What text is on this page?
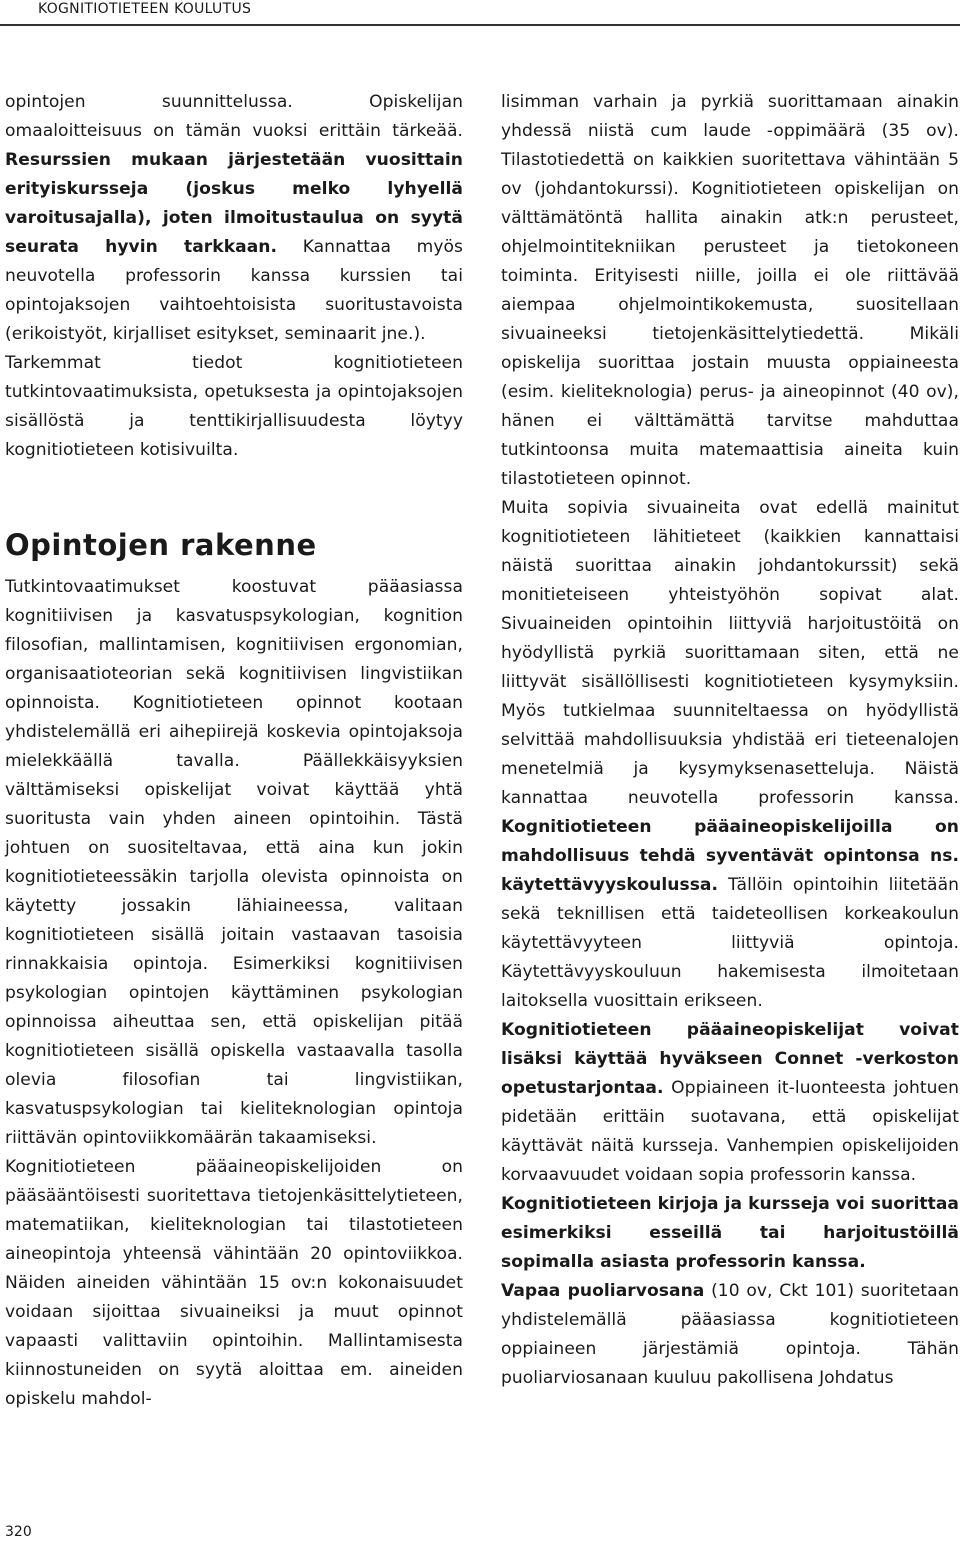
KOGNITIOTIETEEN KOULUTUS

opintojen suunnittelussa. Opiskelijan omaaloitteisuus on tämän vuoksi erittäin tärkeää. Resurssien mukaan järjestetään vuosittain erityiskursseja (joskus melko lyhyellä varoitusajalla), joten ilmoitustaulua on syytä seurata hyvin tarkkaan. Kannattaa myös neuvotella professorin kanssa kurssien tai opintojaksojen vaihtoehtoisista suoritustavoista (erikoistyöt, kirjalliset esitykset, seminaarit jne.).

Tarkemmat tiedot kognitiotieteen tutkintovaatimuksista, opetuksesta ja opintojaksojen sisällöstä ja tenttikirjallisuudesta löytyy kognitiotieteen kotisivuilta.

Opintojen rakenne

Tutkintovaatimukset koostuvat pääasiassa kognitiivisen ja kasvatuspsykologian, kognition filosofian, mallintamisen, kognitiivisen ergonomian, organisaatioteorian sekä kognitiivisen lingvistiikan opinnoista. Kognitiotieteen opinnot kootaan yhdistelemällä eri aihepiirejä koskevia opintojaksoja mielekkäällä tavalla. Päällekkäisyyksien välttämiseksi opiskelijat voivat käyttää yhtä suoritusta vain yhden aineen opintoihin. Tästä johtuen on suositeltavaa, että aina kun jokin kognitiotieteessäkin tarjolla olevista opinnoista on käytetty jossakin lähiaineessa, valitaan kognitiotieteen sisällä joitain vastaavan tasoisia rinnakkaisia opintoja. Esimerkiksi kognitiivisen psykologian opintojen käyttäminen psykologian opinnoissa aiheuttaa sen, että opiskelijan pitää kognitiotieteen sisällä opiskella vastaavalla tasolla olevia filosofian tai lingvistiikan, kasvatuspsykologian tai kieliteknologian opintoja riittävän opintoviikkomäärän takaamiseksi.

Kognitiotieteen pääaineopiskelijoiden on pääsääntöisesti suoritettava tietojenkäsittelytieteen, matematiikan, kieliteknologian tai tilastotieteen aineopintoja yhteensä vähintään 20 opintoviikkoa. Näiden aineiden vähintään 15 ov:n kokonaisuudet voidaan sijoittaa sivuaineiksi ja muut opinnot vapaasti valittaviin opintoihin. Mallintamisesta kiinnostuneiden on syytä aloittaa em. aineiden opiskelu mahdol-

lisimman varhain ja pyrkiä suorittamaan ainakin yhdessä niistä cum laude -oppimäärä (35 ov). Tilastotiedettä on kaikkien suoritettava vähintään 5 ov (johdantokurssi). Kognitiotieteen opiskelijan on välttämätöntä hallita ainakin atk:n perusteet, ohjelmointitekniikan perusteet ja tietokoneen toiminta. Erityisesti niille, joilla ei ole riittävää aiempaa ohjelmointikokemusta, suositellaan sivuaineeksi tietojenkäsittelytiedettä. Mikäli opiskelija suorittaa jostain muusta oppiaineesta (esim. kieliteknologia) perus- ja aineopinnot (40 ov), hänen ei välttämättä tarvitse mahduttaa tutkintoonsa muita matemaattisia aineita kuin tilastotieteen opinnot.

Muita sopivia sivuaineita ovat edellä mainitut kognitiotieteen lähitieteet (kaikkien kannattaisi näistä suorittaa ainakin johdantokurssit) sekä monitieteiseen yhteistyöhön sopivat alat. Sivuaineiden opintoihin liittyviä harjoitustöitä on hyödyllistä pyrkiä suorittamaan siten, että ne liittyvät sisällöllisesti kognitiotieteen kysymyksiin. Myös tutkielmaa suunniteltaessa on hyödyllistä selvittää mahdollisuuksia yhdistää eri tieteenalojen menetelmiä ja kysymyksenasetteluja. Näistä kannattaa neuvotella professorin kanssa. Kognitiotieteen pääaineopiskelijoilla on mahdollisuus tehdä syventävät opintonsa ns. käytettävyyskoulussa. Tällöin opintoihin liitetään sekä teknillisen että taideteollisen korkeakoulun käytettävyyteen liittyviä opintoja. Käytettävyyskouluun hakemisesta ilmoitetaan laitoksella vuosittain erikseen.

Kognitiotieteen pääaineopiskelijat voivat lisäksi käyttää hyväkseen Connet -verkoston opetustarjontaa. Oppiaineen it-luonteesta johtuen pidetään erittäin suotavana, että opiskelijat käyttävät näitä kursseja. Vanhempien opiskelijoiden korvaavuudet voidaan sopia professorin kanssa.

Kognitiotieteen kirjoja ja kursseja voi suorittaa esimerkiksi esseillä tai harjoitustöillä sopimalla asiasta professorin kanssa.

Vapaa puoliarvosana (10 ov, Ckt 101) suoritetaan yhdistelemällä pääasiassa kognitiotieteen oppiaineen järjestämiä opintoja. Tähän puoliarviosanaan kuuluu pakollisena Johdatus

320
